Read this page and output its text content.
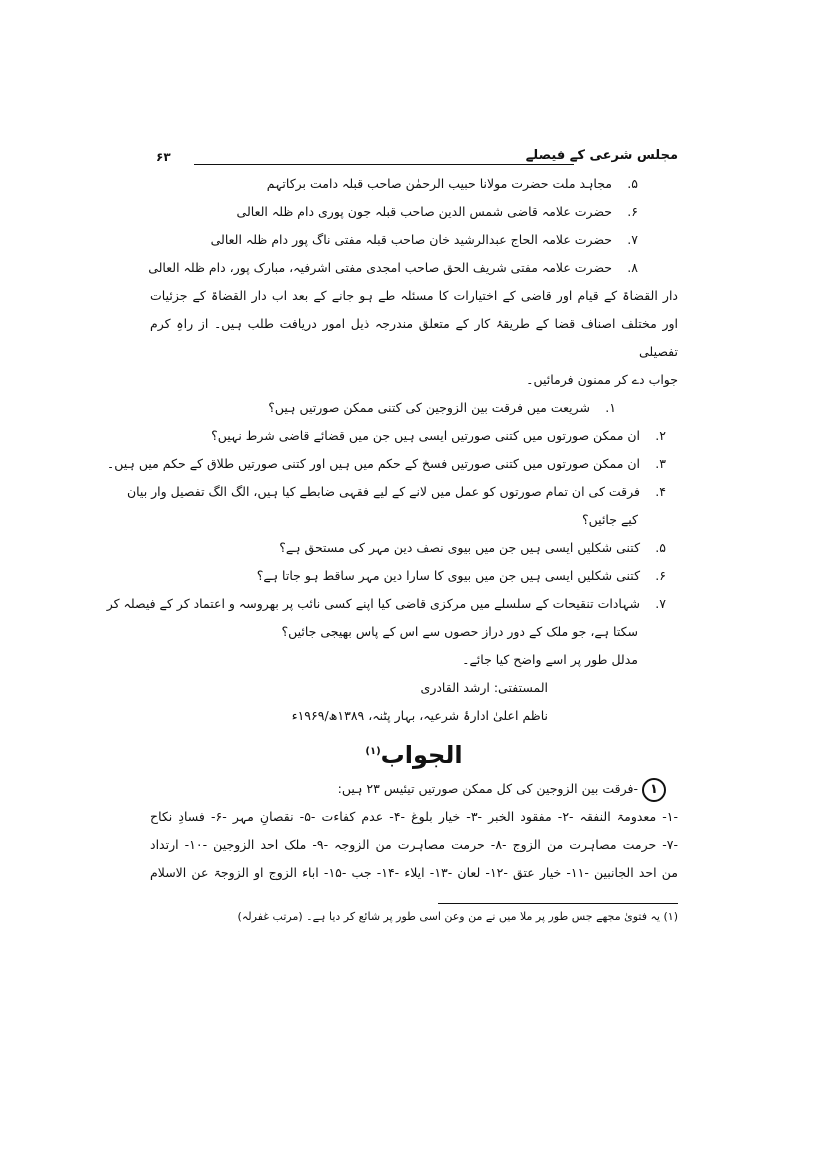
مجلس شرعی کے فیصلے
۶۳
۵. مجاہد ملت حضرت مولانا حبیب الرحمٰن صاحب قبلہ دامت برکاتہم
۶. حضرت علامہ قاضی شمس الدین صاحب قبلہ جون پوری دام ظلہ العالی
۷. حضرت علامہ الحاج عبدالرشید خان صاحب قبلہ مفتی ناگ پور دام ظلہ العالی
۸. حضرت علامہ مفتی شریف الحق صاحب امجدی مفتی اشرفیہ، مبارک پور، دام ظلہ العالی
دار القضاۃ کے قیام اور قاضی کے اختیارات کا مسئلہ طے ہو جانے کے بعد اب دار القضاۃ کے جزئیات
اور مختلف اصناف قضا کے طریقۂ کار کے متعلق مندرجہ ذیل امور دریافت طلب ہیں۔ از راہِ کرم تفصیلی
جواب دے کر ممنون فرمائیں۔
۱. شریعت میں فرقت بین الزوجین کی کتنی ممکن صورتیں ہیں؟
۲. ان ممکن صورتوں میں کتنی صورتیں ایسی ہیں جن میں قضائے قاضی شرط نہیں؟
۳. ان ممکن صورتوں میں کتنی صورتیں فسخ کے حکم میں ہیں اور کتنی صورتیں طلاق کے حکم میں ہیں۔
۴. فرقت کی ان تمام صورتوں کو عمل میں لانے کے لیے فقہی ضابطے کیا ہیں، الگ الگ تفصیل وار بیان
کیے جائیں؟
۵. کتنی شکلیں ایسی ہیں جن میں بیوی نصف دین مہر کی مستحق ہے؟
۶. کتنی شکلیں ایسی ہیں جن میں بیوی کا سارا دین مہر ساقط ہو جاتا ہے؟
۷. شہادات تنقیحات کے سلسلے میں مرکزی قاضی کیا اپنے کسی نائب پر بھروسہ و اعتماد کر کے فیصلہ کر
سکتا ہے، جو ملک کے دور دراز حصوں سے اس کے پاس بھیجی جائیں؟
مدلل طور پر اسے واضح کیا جائے۔
المستفتی: ارشد القادری
ناظم اعلیٰ ادارۂ شرعیہ، بہار پٹنہ، ۱۳۸۹ھ/۱۹۶۹ء
الجواب$^{(۱)}$
۱-فرقت بین الزوجین کی کل ممکن صورتیں تیئیس ۲۳ ہیں:
-۱- معدومۃ النفقہ -۲- مفقود الخبر -۳- خیار بلوغ -۴- عدم کفاءت -۵- نقصانِ مہر -۶- فسادِ نکاح
-۷- حرمت مصاہرت من الزوج -۸- حرمت مصاہرت من الزوجہ -۹- ملک احد الزوجین -۱۰- ارتداد
من احد الجانبین -۱۱- خیار عتق -۱۲- لعان -۱۳- ایلاء -۱۴- جب -۱۵- اباء الزوج او الزوجۃ عن الاسلام
(۱) یہ فتویٰ مجھے جس طور پر ملا میں نے من وعن اسی طور پر شائع کر دیا ہے۔ (مرتب غفرلہ)
